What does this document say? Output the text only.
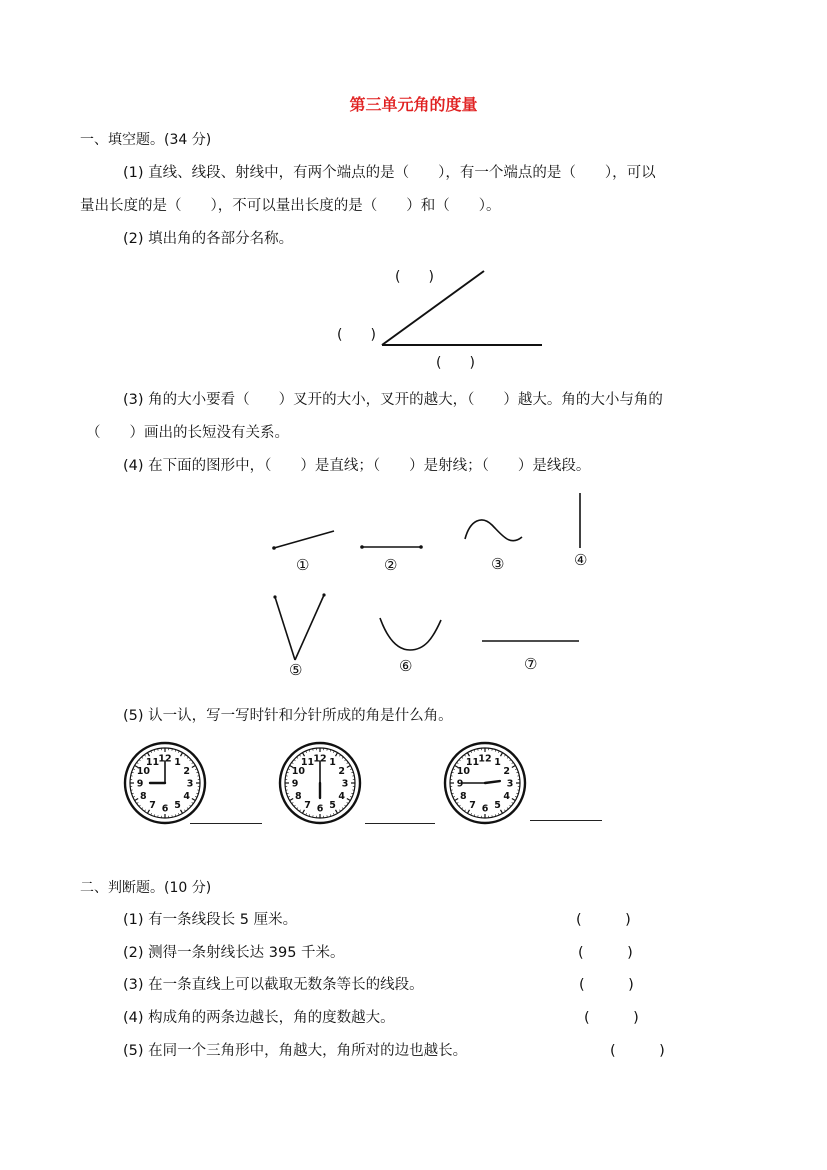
第三单元角的度量
一、填空题。(34 分)
(1) 直线、线段、射线中，有两个端点的是（　　），有一个端点的是（　　），可以
量出长度的是（　　），不可以量出长度的是（　　）和（　　）。
(2) 填出角的各部分名称。
(　　)
(　　)
(　　)
(3) 角的大小要看（　　）叉开的大小，叉开的越大，（　　）越大。角的大小与角的
（　　）画出的长短没有关系。
(4) 在下面的图形中，（　　）是直线；（　　）是射线；（　　）是线段。
①	②	③	④
⑤	⑥	⑦
(5) 认一认，写一写时针和分针所成的角是什么角。
12 1
2
3
4
5
6
7
8
9
10
11	12 1
2
3
4
5
6
7
8
9
10
11	12 1
2
3
4
5
6
7
8
9
10
11
二、判断题。(10 分)
(1) 有一条线段长 5 厘米。	(　　　)
(2) 测得一条射线长达 395 千米。	(　　　)
(3) 在一条直线上可以截取无数条等长的线段。	(　　　)
(4) 构成角的两条边越长，角的度数越大。	(　　　)
(5) 在同一个三角形中，角越大，角所对的边也越长。	(　　　)
